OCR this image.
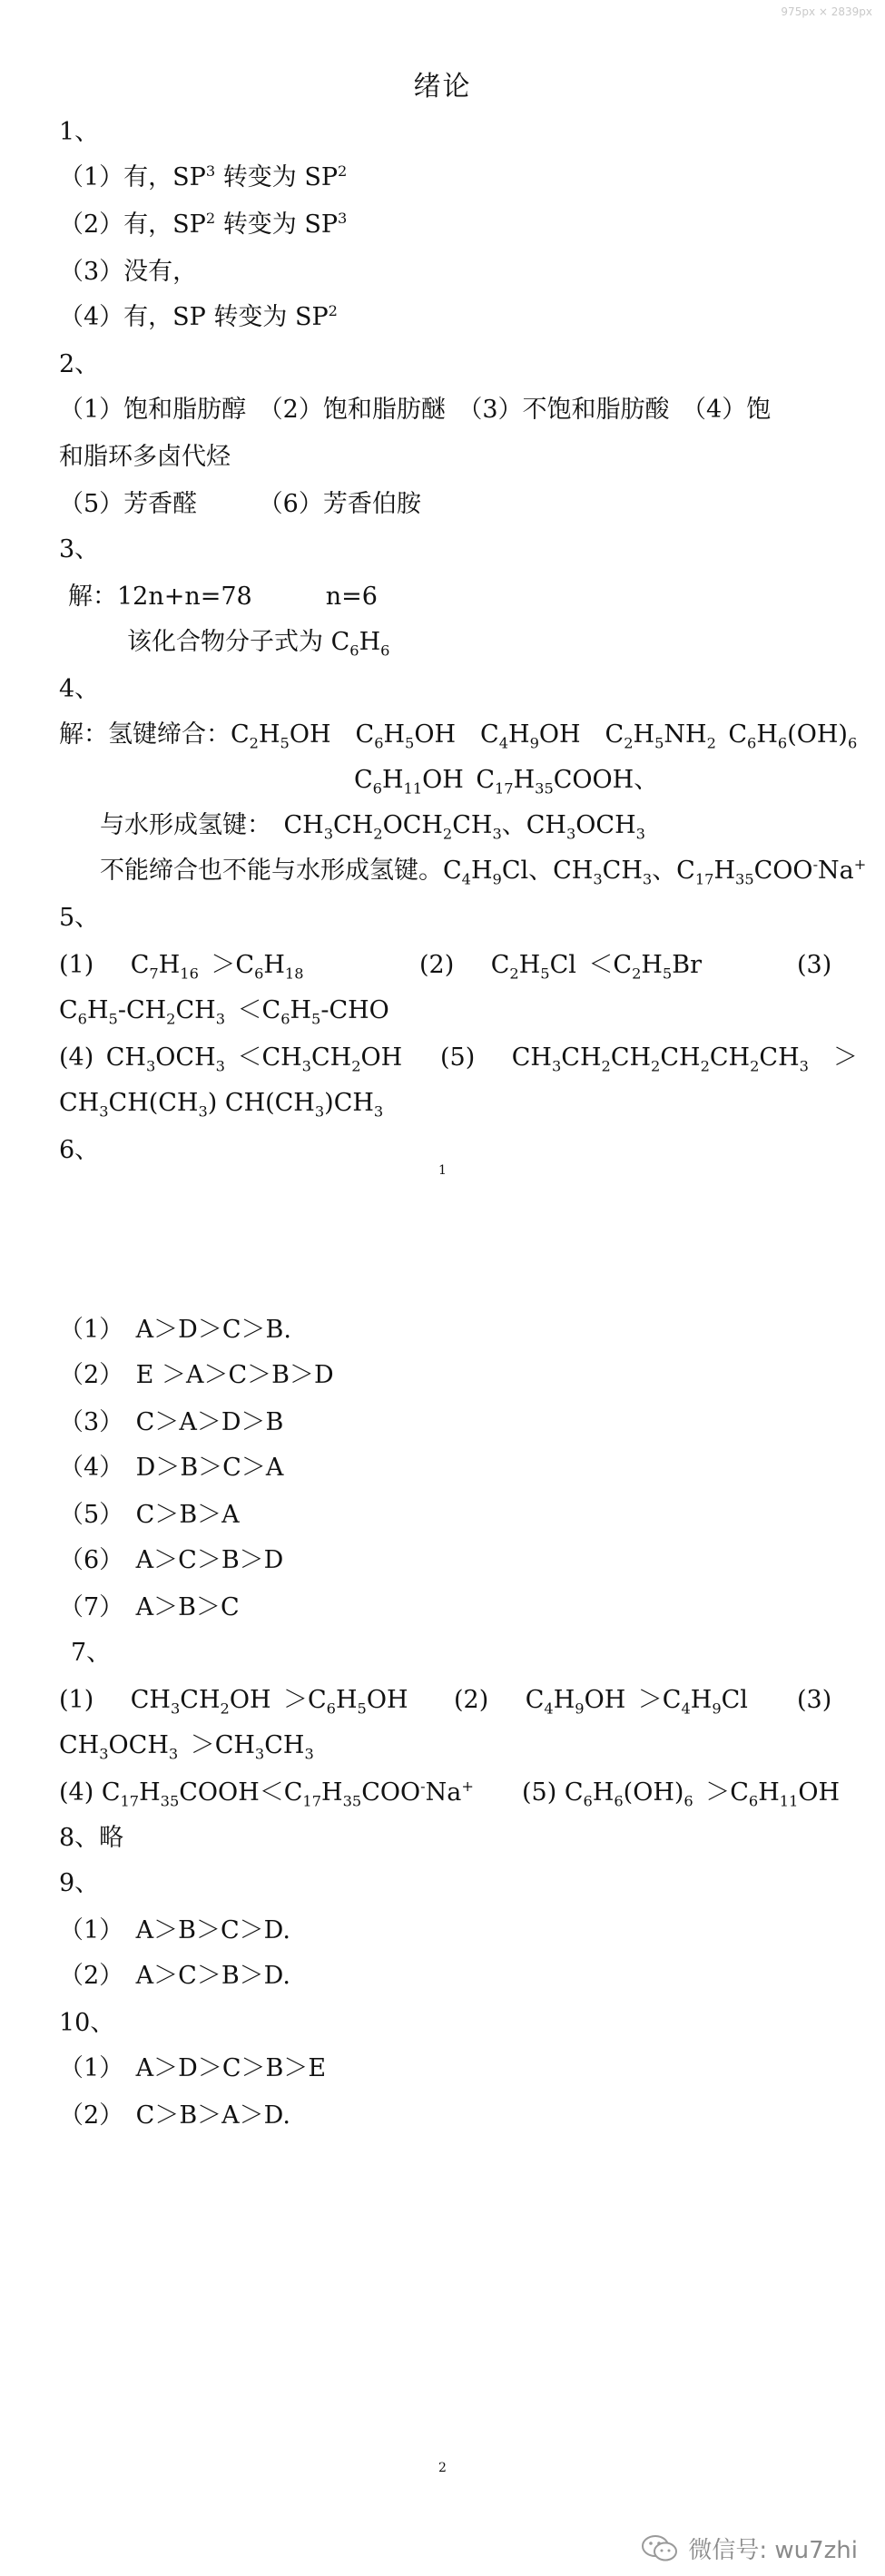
975px × 2839px
绪论
1、
（1）有，$SP^3$ 转变为 $SP^2$
（2）有，$SP^2$ 转变为 $SP^3$
（3）没有，
（4）有，SP 转变为 $SP^2$
2、
（1）饱和脂肪醇　（2）饱和脂肪醚　（3）不饱和脂肪酸　（4）饱
和脂环多卤代烃
（5）芳香醛　　　（6）芳香伯胺
3、
解：12n+n=78　　　n=6
该化合物分子式为 $C_6H_6$
4、
解：氢键缔合：$C_2H_5OH$ $C_6H_5OH$ $C_4H_9OH$ $C_2H_5NH_2$ $C_6H_6(OH)_6$
$C_6H_{11}OH$ $C_{17}H_{35}COOH$、
与水形成氢键： $CH_3CH_2OCH_2CH_3$、$CH_3OCH_3$
不能缔合也不能与水形成氢键。$C_4H_9Cl$、$CH_3CH_3$、$C_{17}H_{35}COO^-Na^+$
5、
(1)  $C_7H_{16}$  $>C_6H_{18}$	(2)  $C_2H_5Cl$ $<C_2H_5Br$	(3)
$C_6H_5-CH_2CH_3$  $<C_6H_5$-CHO
(4) $CH_3OCH_3$  $<CH_3CH_2OH$ (5)  $CH_3CH_2CH_2CH_2CH_2CH_3$  ＞
$CH_3CH(CH_3)$ $CH(CH_3)CH_3$
6、
1
（1）　A＞D＞C＞B.
（2）　E ＞A＞C＞B＞D
（3）　C＞A＞D＞B
（4）　D＞B＞C＞A
（5）　C＞B＞A
（6）　A＞C＞B＞D
（7）　A＞B＞C
7、
(1)  $CH_3CH_2OH$ $>C_6H_5OH$ (2)  $C_4H_9OH$ $>C_4H_9Cl$ (3)
$CH_3OCH_3$  $>CH_3CH_3$
(4) $C_{17}H_{35}COOH<C_{17}H_{35}COO^-Na^+$ (5) $C_6H_6(OH)_6$  $>C_6H_{11}OH$
8、略
9、
（1）　A＞B＞C＞D.
（2）　A＞C＞B＞D.
10、
（1）　A＞D＞C＞B＞E
（2）　C＞B＞A＞D.
2
微信号: wu7zhi
